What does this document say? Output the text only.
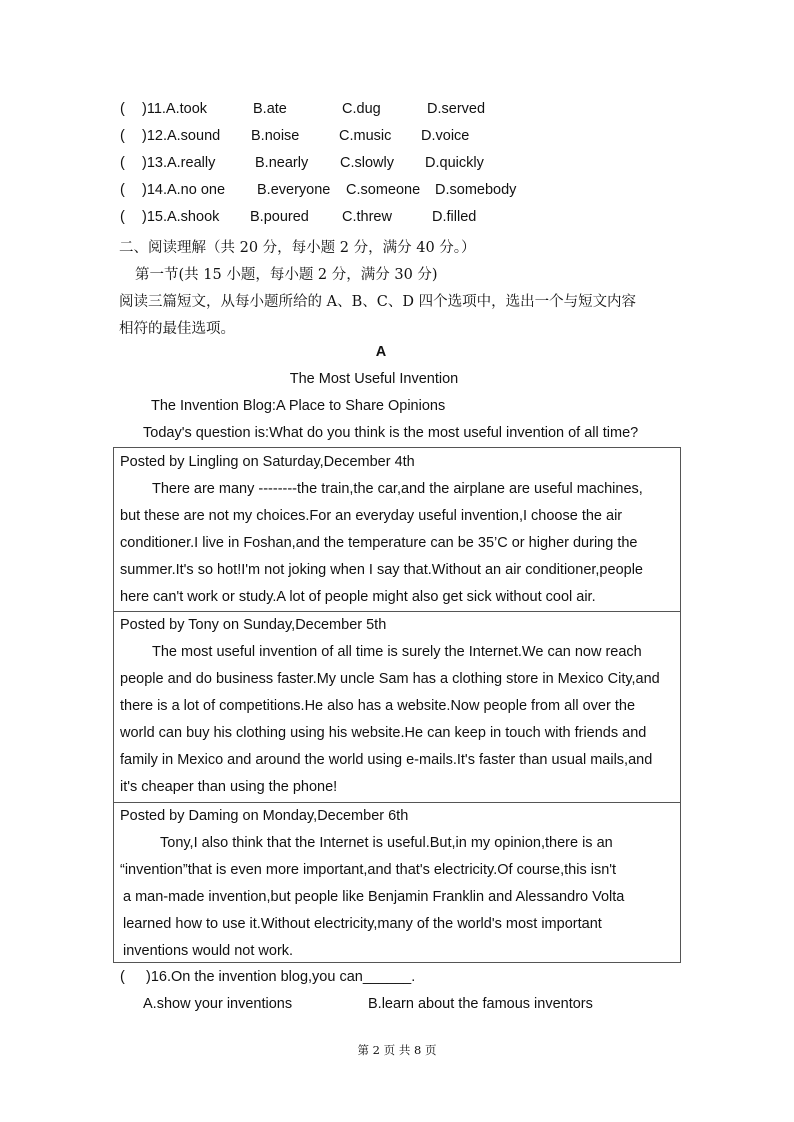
( )11.A.took	B.ate	C.dug	D.served
( )12.A.sound B.noise	C.music D.voice
( )13.A.really	B.nearly C.slowly D.quickly
( )14.A.no one B.everyone C.someone D.somebody
( )15.A.shook B.poured C.threw	D.filled
二、阅读理解（共 20 分，每小题 2 分，满分 40 分。）
第一节(共 15 小题，每小题 2 分，满分 30 分)
阅读三篇短文，从每小题所给的 A、B、C、D 四个选项中，选出一个与短文内容
相符的最佳选项。
A
The Most Useful Invention
The Invention Blog:A Place to Share Opinions
Today's question is:What do you think is the most useful invention of all time?
Posted by Lingling on Saturday,December 4th
There are many --------the train,the car,and the airplane are useful machines,
but these are not my choices.For an everyday useful invention,I choose the air
conditioner.I live in Foshan,and the temperature can be 35’C or higher during the
summer.It's so hot!I'm not joking when I say that.Without an air conditioner,people
here can't work or study.A lot of people might also get sick without cool air.
Posted by Tony on Sunday,December 5th
The most useful invention of all time is surely the Internet.We can now reach
people and do business faster.My uncle Sam has a clothing store in Mexico City,and
there is a lot of competitions.He also has a website.Now people from all over the
world can buy his clothing using his website.He can keep in touch with friends and
family in Mexico and around the world using e-mails.It's faster than usual mails,and
it's cheaper than using the phone!
Posted by Daming on Monday,December 6th
Tony,I also think that the Internet is useful.But,in my opinion,there is an
“invention”that is even more important,and that's electricity.Of course,this isn't
a man-made invention,but people like Benjamin Franklin and Alessandro Volta
learned how to use it.Without electricity,many of the world's most important
inventions would not work.
( )16.On the invention blog,you can______.
A.show your inventions	B.learn about the famous inventors
第 2 页 共 8 页
